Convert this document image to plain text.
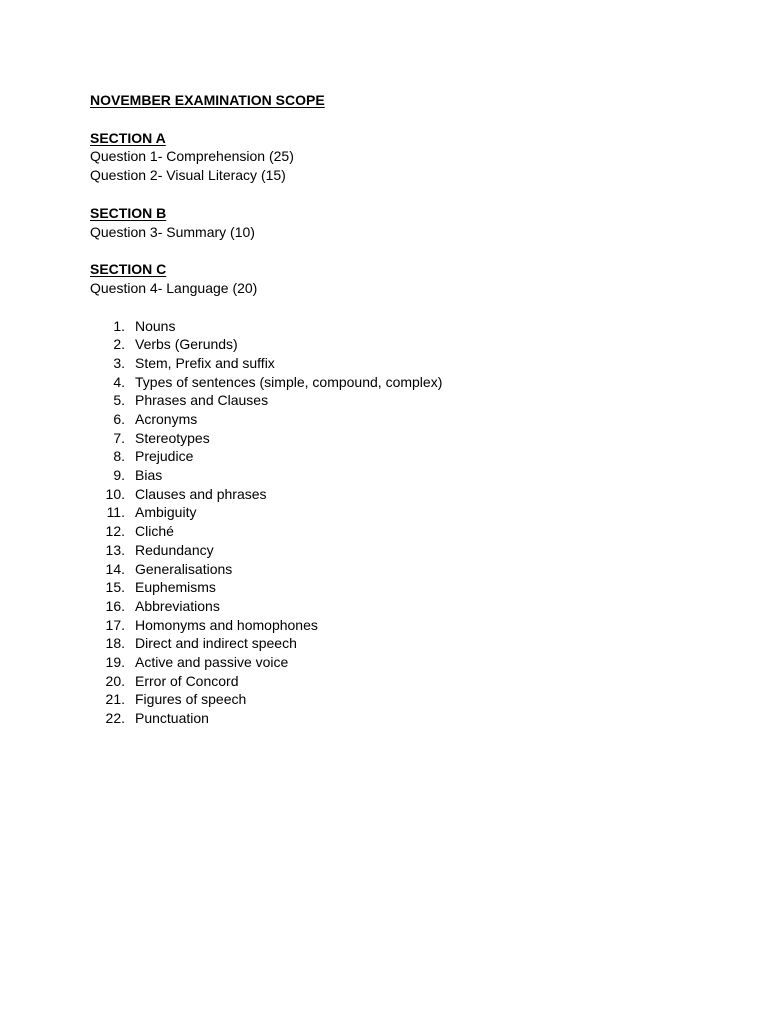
NOVEMBER EXAMINATION SCOPE
SECTION A
Question 1- Comprehension (25)
Question 2- Visual Literacy (15)
SECTION B
Question 3- Summary (10)
SECTION C
Question 4- Language (20)
1. Nouns
2. Verbs (Gerunds)
3. Stem, Prefix and suffix
4. Types of sentences (simple, compound, complex)
5. Phrases and Clauses
6. Acronyms
7. Stereotypes
8. Prejudice
9. Bias
10. Clauses and phrases
11. Ambiguity
12. Cliché
13. Redundancy
14. Generalisations
15. Euphemisms
16. Abbreviations
17. Homonyms and homophones
18. Direct and indirect speech
19. Active and passive voice
20. Error of Concord
21. Figures of speech
22. Punctuation
